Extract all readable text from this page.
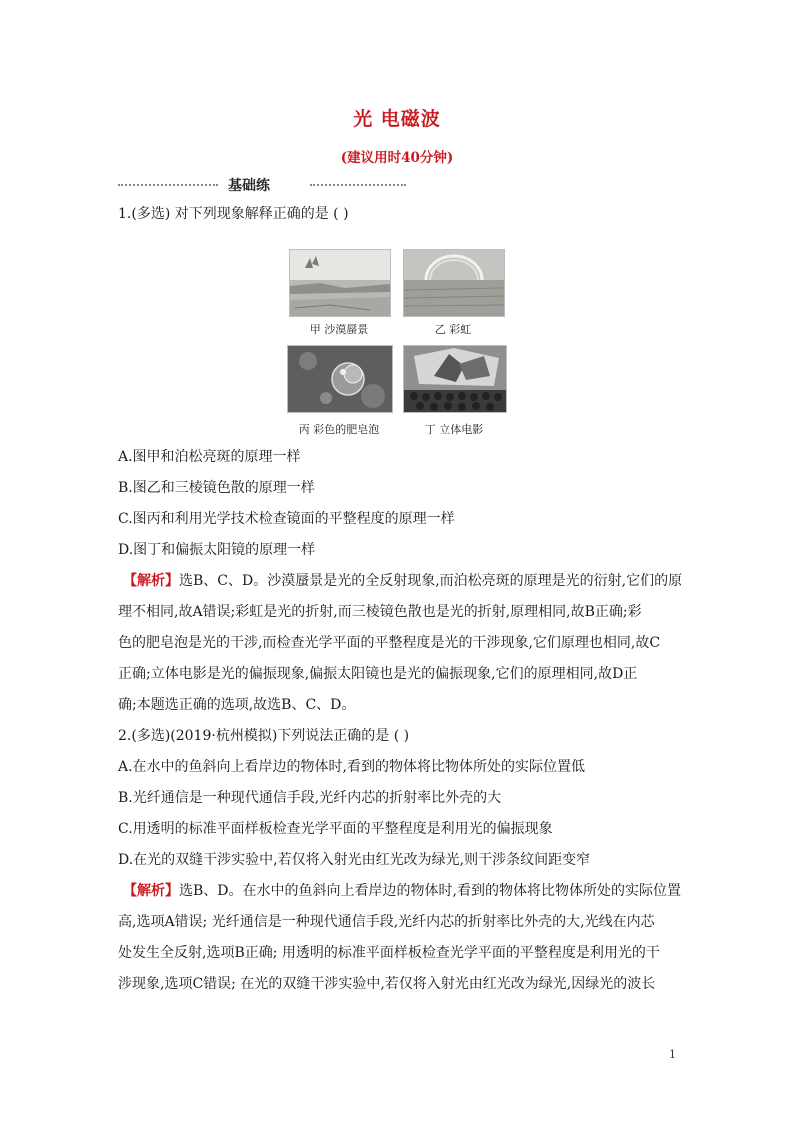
光 电磁波
(建议用时40分钟)
基础练
1.(多选) 对下列现象解释正确的是 ( )
甲 沙漠蜃景	乙 彩虹
丙 彩色的肥皂泡	丁 立体电影
A.图甲和泊松亮斑的原理一样
B.图乙和三棱镜色散的原理一样
C.图丙和利用光学技术检查镜面的平整程度的原理一样
D.图丁和偏振太阳镜的原理一样
【解析】选B、C、D。沙漠蜃景是光的全反射现象,而泊松亮斑的原理是光的衍射,它们的原
理不相同,故A错误;彩虹是光的折射,而三棱镜色散也是光的折射,原理相同,故B正确;彩
色的肥皂泡是光的干涉,而检查光学平面的平整程度是光的干涉现象,它们原理也相同,故C
正确;立体电影是光的偏振现象,偏振太阳镜也是光的偏振现象,它们的原理相同,故D正
确;本题选正确的选项,故选B、C、D。
2.(多选)(2019·杭州模拟)下列说法正确的是 ( )
A.在水中的鱼斜向上看岸边的物体时,看到的物体将比物体所处的实际位置低
B.光纤通信是一种现代通信手段,光纤内芯的折射率比外壳的大
C.用透明的标准平面样板检查光学平面的平整程度是利用光的偏振现象
D.在光的双缝干涉实验中,若仅将入射光由红光改为绿光,则干涉条纹间距变窄
【解析】选B、D。在水中的鱼斜向上看岸边的物体时,看到的物体将比物体所处的实际位置
高,选项A错误; 光纤通信是一种现代通信手段,光纤内芯的折射率比外壳的大,光线在内芯
处发生全反射,选项B正确; 用透明的标准平面样板检查光学平面的平整程度是利用光的干
涉现象,选项C错误; 在光的双缝干涉实验中,若仅将入射光由红光改为绿光,因绿光的波长
1
